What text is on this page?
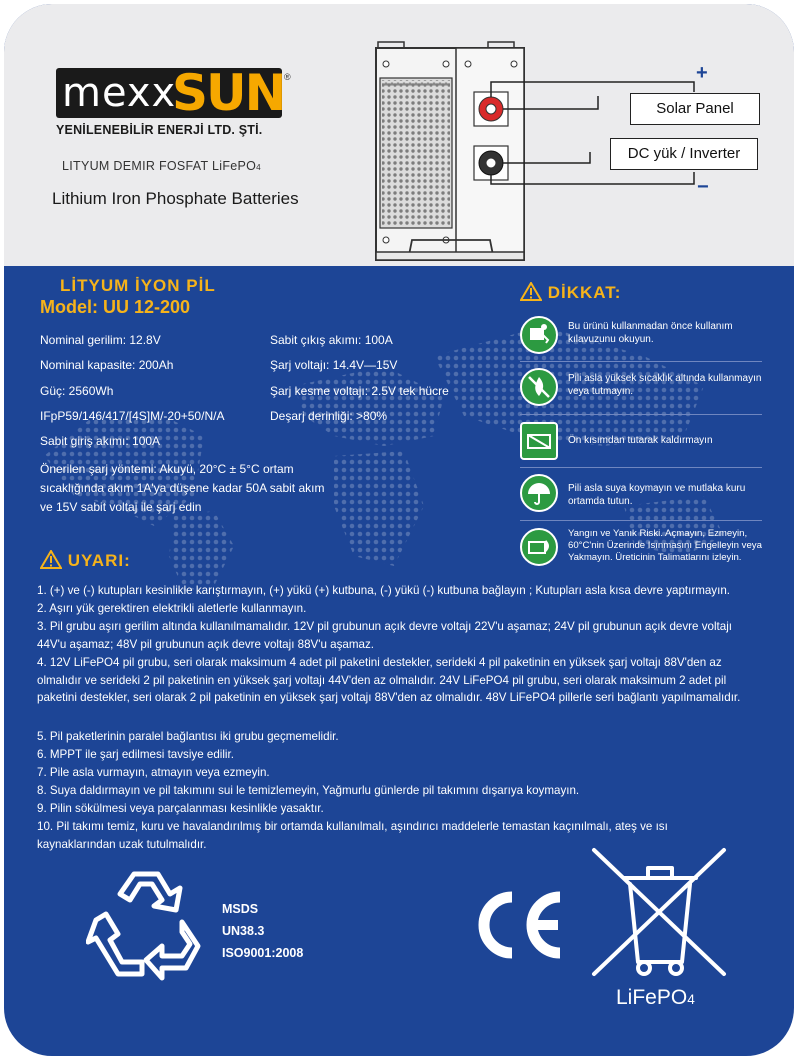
mexx
SUN ®
YENİLENEBİLİR ENERJİ LTD. ŞTİ.
LITYUM DEMIR FOSFAT LiFePO4
Lithium Iron Phosphate Batteries
+
−
Solar Panel
DC yük / Inverter
LİTYUM İYON PİL
Model: UU 12-200
Nominal gerilim: 12.8V
Nominal kapasite: 200Ah
Güç: 2560Wh
IFpP59/146/417/[4S]M/-20+50/N/A
Sabit giriş akımı: 100A
Sabit çıkış akımı: 100A
Şarj voltajı: 14.4V—15V
Şarj kesme voltajı: 2.5V tek hücre
Deşarj derinliği: >80%
Önerilen şarj yöntemi: Akuyü, 20°C ± 5°C ortam sıcaklığında akım 1A'ya düşene kadar 50A sabit akım ve 15V sabit voltaj ile şarj edin
DİKKAT:
Bu ürünü kullanmadan önce kullanım kılavuzunu okuyun.
Pili asla yüksek sıcaklık altında kullanmayın veya tutmayın.
Ön kısımdan tutarak kaldırmayın
Pili asla suya koymayın ve mutlaka kuru ortamda tutun.
Yangın ve Yanık Riski. Açmayın, Ezmeyin, 60°C'nin Üzerinde Isınmasını Engelleyin veya Yakmayın. Üreticinin Talimatlarını izleyin.
UYARI:
1. (+) ve (-) kutupları kesinlikle karıştırmayın, (+) yükü (+) kutbuna, (-) yükü (-) kutbuna bağlayın ; Kutupları asla kısa devre yaptırmayın.
2. Aşırı yük gerektiren elektrikli aletlerle kullanmayın.
3. Pil grubu aşırı gerilim altında kullanılmamalıdır. 12V pil grubunun açık devre voltajı 22V'u aşamaz; 24V pil grubunun açık devre voltajı 44V'u aşamaz; 48V pil grubunun açık devre voltajı 88V'u aşamaz.
4. 12V LiFePO4 pil grubu, seri olarak maksimum 4 adet pil paketini destekler, serideki 4 pil paketinin en yüksek şarj voltajı 88V'den az olmalıdır ve serideki 2 pil paketinin en yüksek şarj voltajı 44V'den az olmalıdır. 24V LiFePO4 pil grubu, seri olarak maksimum 2 adet pil paketini destekler, seri olarak 2 pil paketinin en yüksek şarj voltajı 88V'den az olmalıdır. 48V LiFePO4 pillerle seri bağlantı yapılmamalıdır.
5. Pil paketlerinin paralel bağlantısı iki grubu geçmemelidir.
6. MPPT ile şarj edilmesi tavsiye edilir.
7. Pile asla vurmayın, atmayın veya ezmeyin.
8. Suya daldırmayın ve pil takımını sui le temizlemeyin, Yağmurlu günlerde pil takımını dışarıya koymayın.
9. Pilin sökülmesi veya parçalanması kesinlikle yasaktır.
10. Pil takımı temiz, kuru ve havalandırılmış bir ortamda kullanılmalı, aşındırıcı maddelerle temastan kaçınılmalı, ateş ve ısı kaynaklarından uzak tutulmalıdır.
MSDS
UN38.3
ISO9001:2008
LiFePO4
